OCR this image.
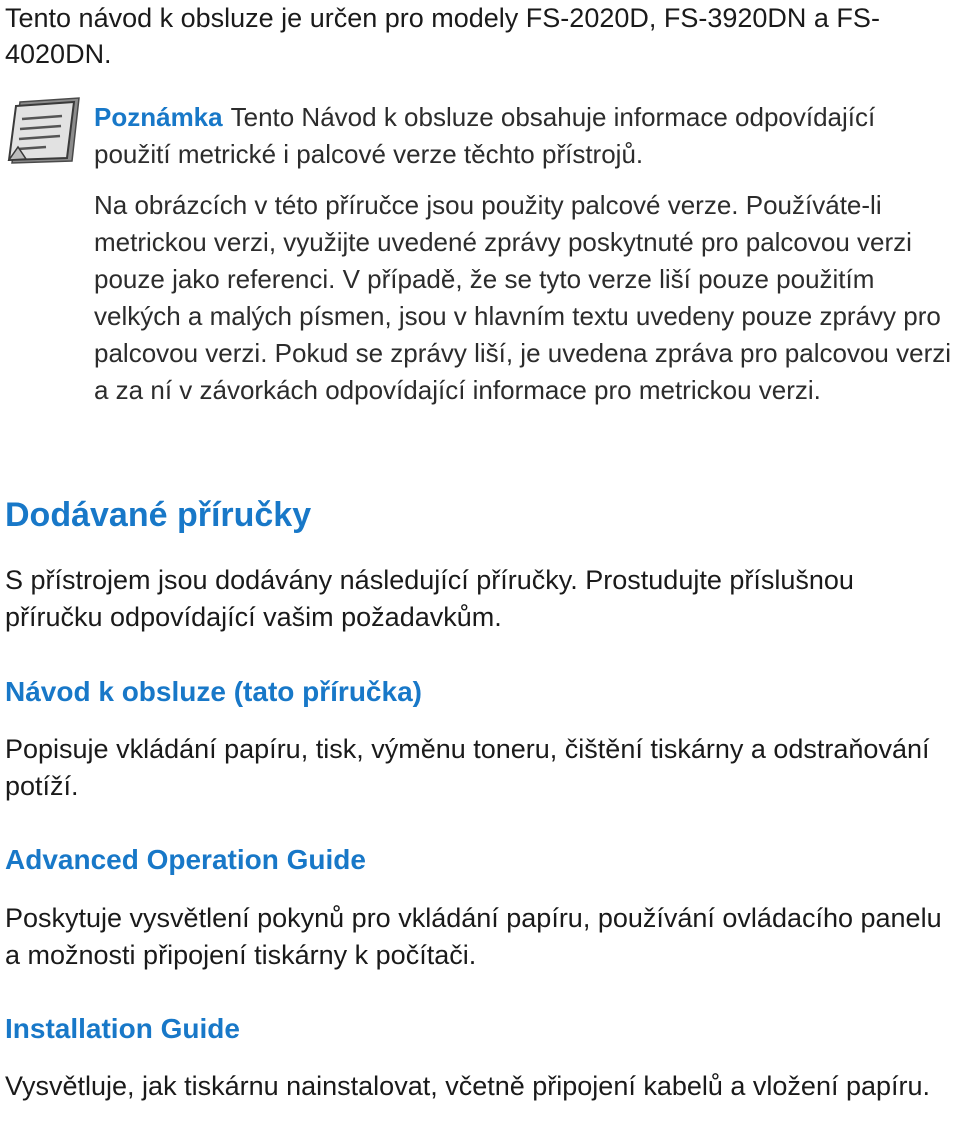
Tento návod k obsluze je určen pro modely FS-2020D, FS-3920DN a FS-4020DN.

Poznámka Tento Návod k obsluze obsahuje informace odpovídající použití metrické i palcové verze těchto přístrojů.

Na obrázcích v této příručce jsou použity palcové verze. Používáte-li metrickou verzi, využijte uvedené zprávy poskytnuté pro palcovou verzi pouze jako referenci. V případě, že se tyto verze liší pouze použitím velkých a malých písmen, jsou v hlavním textu uvedeny pouze zprávy pro palcovou verzi. Pokud se zprávy liší, je uvedena zpráva pro palcovou verzi a za ní v závorkách odpovídající informace pro metrickou verzi.

Dodávané příručky

S přístrojem jsou dodávány následující příručky. Prostudujte příslušnou příručku odpovídající vašim požadavkům.

Návod k obsluze (tato příručka)

Popisuje vkládání papíru, tisk, výměnu toneru, čištění tiskárny a odstraňování potíží.

Advanced Operation Guide

Poskytuje vysvětlení pokynů pro vkládání papíru, používání ovládacího panelu a možnosti připojení tiskárny k počítači.

Installation Guide

Vysvětluje, jak tiskárnu nainstalovat, včetně připojení kabelů a vložení papíru.
